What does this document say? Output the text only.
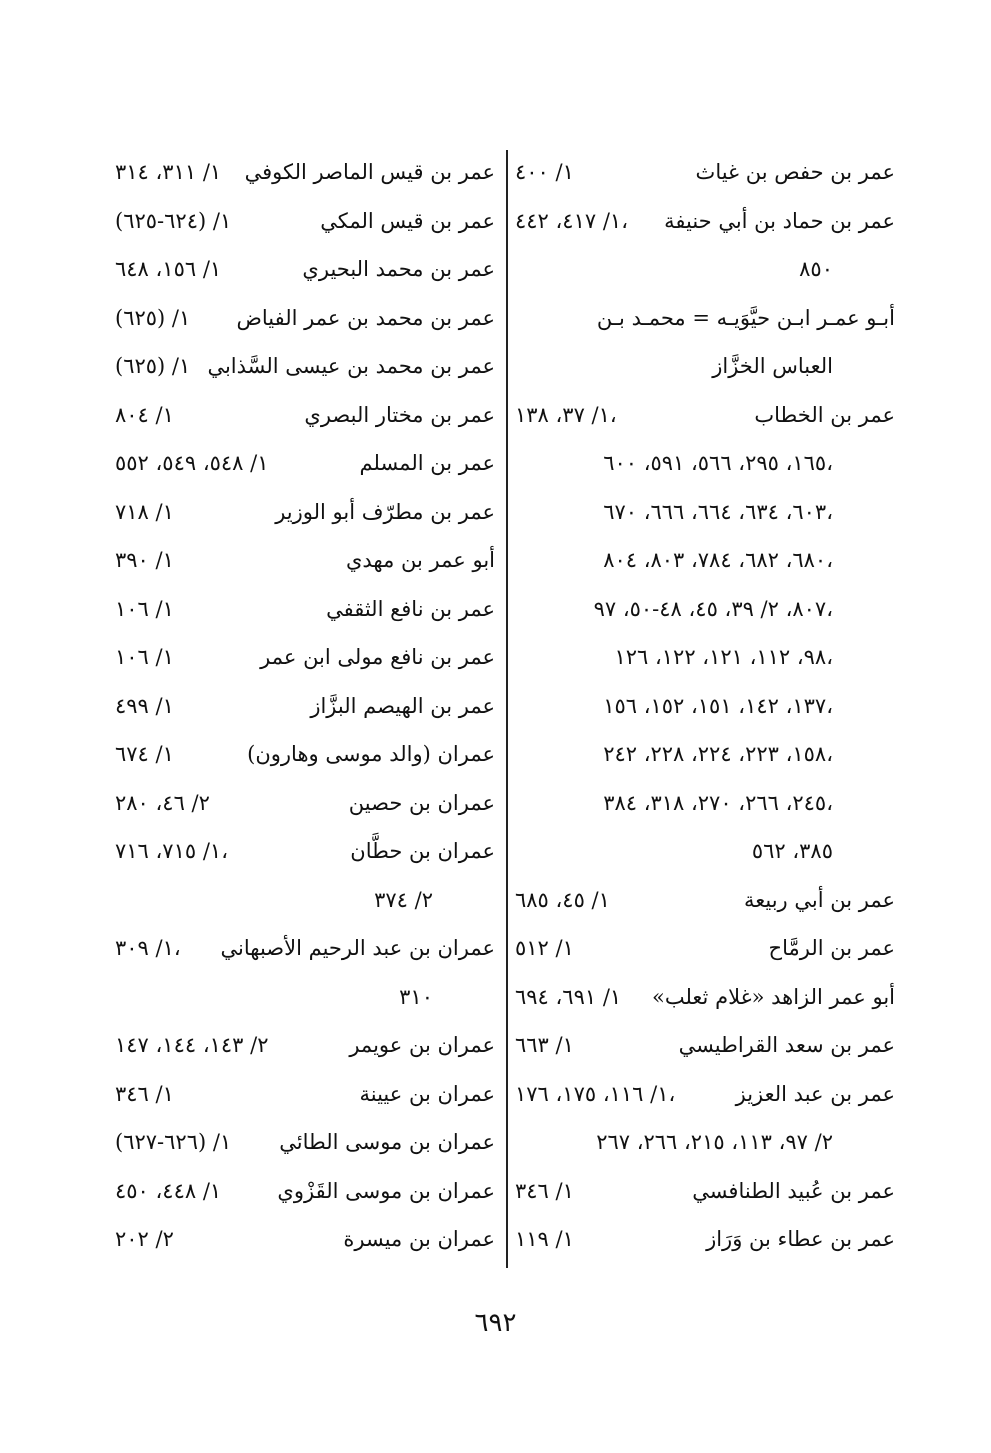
عمر بن حفص بن غياث
١/ ٤٠٠
عمر بن حماد بن أبي حنيفة
١/ ٤١٧، ٤٤٢،
٨٥٠
أبـو عمـر ابـن حيَّوَيـه = محمـد بـن
العباس الخزَّاز
عمر بن الخطاب
١/ ٣٧، ١٣٨،
١٦٥، ٢٩٥، ٥٦٦، ٥٩١، ٦٠٠،
٦٠٣، ٦٣٤، ٦٦٤، ٦٦٦، ٦٧٠،
٦٨٠، ٦٨٢، ٧٨٤، ٨٠٣، ٨٠٤،
٨٠٧، ٢/ ٣٩، ٤٥، ٤٨-٥٠، ٩٧،
٩٨، ١١٢، ١٢١، ١٢٢، ١٢٦،
١٣٧، ١٤٢، ١٥١، ١٥٢، ١٥٦،
١٥٨، ٢٢٣، ٢٢٤، ٢٢٨، ٢٤٢،
٢٤٥، ٢٦٦، ٢٧٠، ٣١٨، ٣٨٤،
٣٨٥، ٥٦٢
عمر بن أبي ربيعة
١/ ٤٥، ٦٨٥
عمر بن الرمَّاح
١/ ٥١٢
أبو عمر الزاهد «غلام ثعلب»
١/ ٦٩١، ٦٩٤
عمر بن سعد القراطيسي
١/ ٦٦٣
عمر بن عبد العزيز
١/ ١١٦، ١٧٥، ١٧٦،
٢/ ٩٧، ١١٣، ٢١٥، ٢٦٦، ٢٦٧
عمر بن عُبيد الطنافسي
١/ ٣٤٦
عمر بن عطاء بن وَرَاز
١/ ١١٩
عمر بن قيس الماصر الكوفي
١/ ٣١١، ٣١٤
عمر بن قيس المكي
١/ (٦٢٤-٦٢٥)
عمر بن محمد البحيري
١/ ١٥٦، ٦٤٨
عمر بن محمد بن عمر الفياض
١/ (٦٢٥)
عمر بن محمد بن عيسى السَّذابي
١/ (٦٢٥)
عمر بن مختار البصري
١/ ٨٠٤
عمر بن المسلم
١/ ٥٤٨، ٥٤٩، ٥٥٢
عمر بن مطرّف أبو الوزير
١/ ٧١٨
أبو عمر بن مهدي
١/ ٣٩٠
عمر بن نافع الثقفي
١/ ١٠٦
عمر بن نافع مولى ابن عمر
١/ ١٠٦
عمر بن الهيصم البزَّاز
١/ ٤٩٩
عمران (والد موسى وهارون)
١/ ٦٧٤
عمران بن حصين
٢/ ٤٦، ٢٨٠
عمران بن حطَّان
١/ ٧١٥، ٧١٦،
٢/ ٣٧٤
عمران بن عبد الرحيم الأصبهاني
١/ ٣٠٩،
٣١٠
عمران بن عويمر
٢/ ١٤٣، ١٤٤، ١٤٧
عمران بن عيينة
١/ ٣٤٦
عمران بن موسى الطائي
١/ (٦٢٦-٦٢٧)
عمران بن موسى القَزْوي
١/ ٤٤٨، ٤٥٠
عمران بن ميسرة
٢/ ٢٠٢
٦٩٢
